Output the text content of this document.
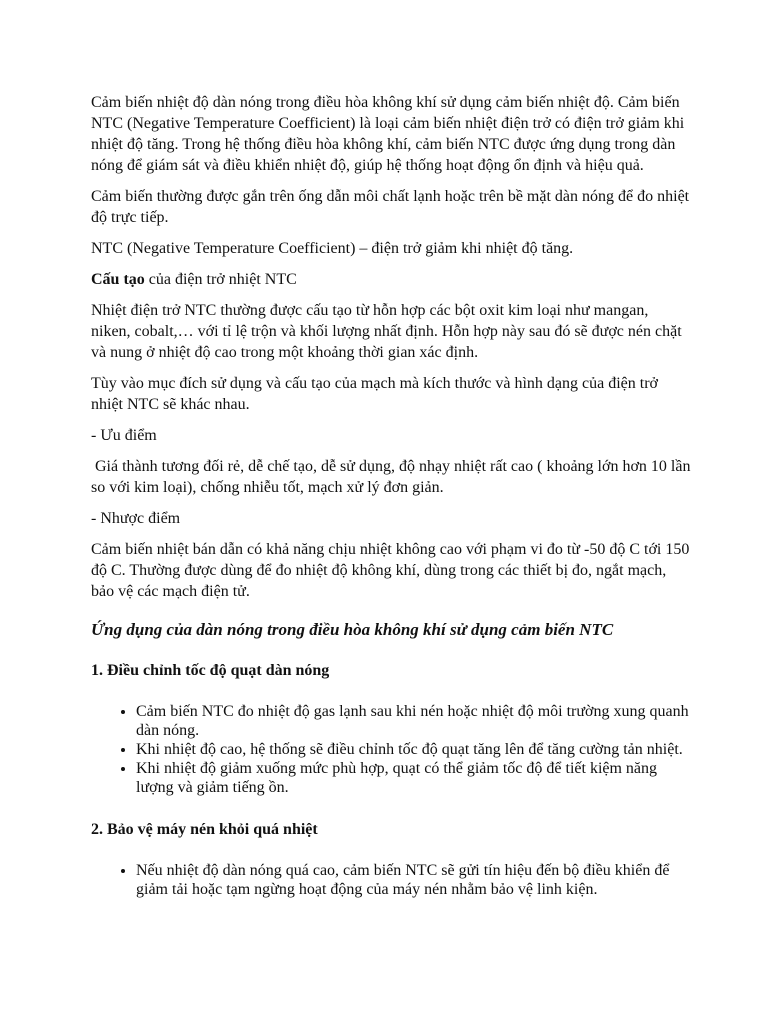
Cảm biến nhiệt độ dàn nóng trong điều hòa không khí sử dụng cảm biến nhiệt độ. Cảm biến NTC (Negative Temperature Coefficient) là loại cảm biến nhiệt điện trở có điện trở giảm khi nhiệt độ tăng. Trong hệ thống điều hòa không khí, cảm biến NTC được ứng dụng trong dàn nóng để giám sát và điều khiển nhiệt độ, giúp hệ thống hoạt động ổn định và hiệu quả.

Cảm biến thường được gắn trên ống dẫn môi chất lạnh hoặc trên bề mặt dàn nóng để đo nhiệt độ trực tiếp.

NTC (Negative Temperature Coefficient) – điện trở giảm khi nhiệt độ tăng.

Cấu tạo của điện trở nhiệt NTC

Nhiệt điện trở NTC thường được cấu tạo từ hỗn hợp các bột oxit kim loại như mangan, niken, cobalt,… với tỉ lệ trộn và khối lượng nhất định. Hỗn hợp này sau đó sẽ được nén chặt và nung ở nhiệt độ cao trong một khoảng thời gian xác định.

Tùy vào mục đích sử dụng và cấu tạo của mạch mà kích thước và hình dạng của điện trở nhiệt NTC sẽ khác nhau.

- Ưu điểm

Giá thành tương đối rẻ, dễ chế tạo, dễ sử dụng, độ nhạy nhiệt rất cao ( khoảng lớn hơn 10 lần so với kim loại), chống nhiễu tốt, mạch xử lý đơn giản.

- Nhược điểm

Cảm biến nhiệt bán dẫn có khả năng chịu nhiệt không cao với phạm vi đo từ -50 độ C tới 150 độ C. Thường được dùng để đo nhiệt độ không khí, dùng trong các thiết bị đo, ngắt mạch, bảo vệ các mạch điện tử.

Ứng dụng của dàn nóng trong điều hòa không khí sử dụng cảm biến NTC
1. Điều chỉnh tốc độ quạt dàn nóng
• Cảm biến NTC đo nhiệt độ gas lạnh sau khi nén hoặc nhiệt độ môi trường xung quanh dàn nóng.
• Khi nhiệt độ cao, hệ thống sẽ điều chỉnh tốc độ quạt tăng lên để tăng cường tản nhiệt.
• Khi nhiệt độ giảm xuống mức phù hợp, quạt có thể giảm tốc độ để tiết kiệm năng lượng và giảm tiếng ồn.
2. Bảo vệ máy nén khỏi quá nhiệt
• Nếu nhiệt độ dàn nóng quá cao, cảm biến NTC sẽ gửi tín hiệu đến bộ điều khiển để giảm tải hoặc tạm ngừng hoạt động của máy nén nhằm bảo vệ linh kiện.
